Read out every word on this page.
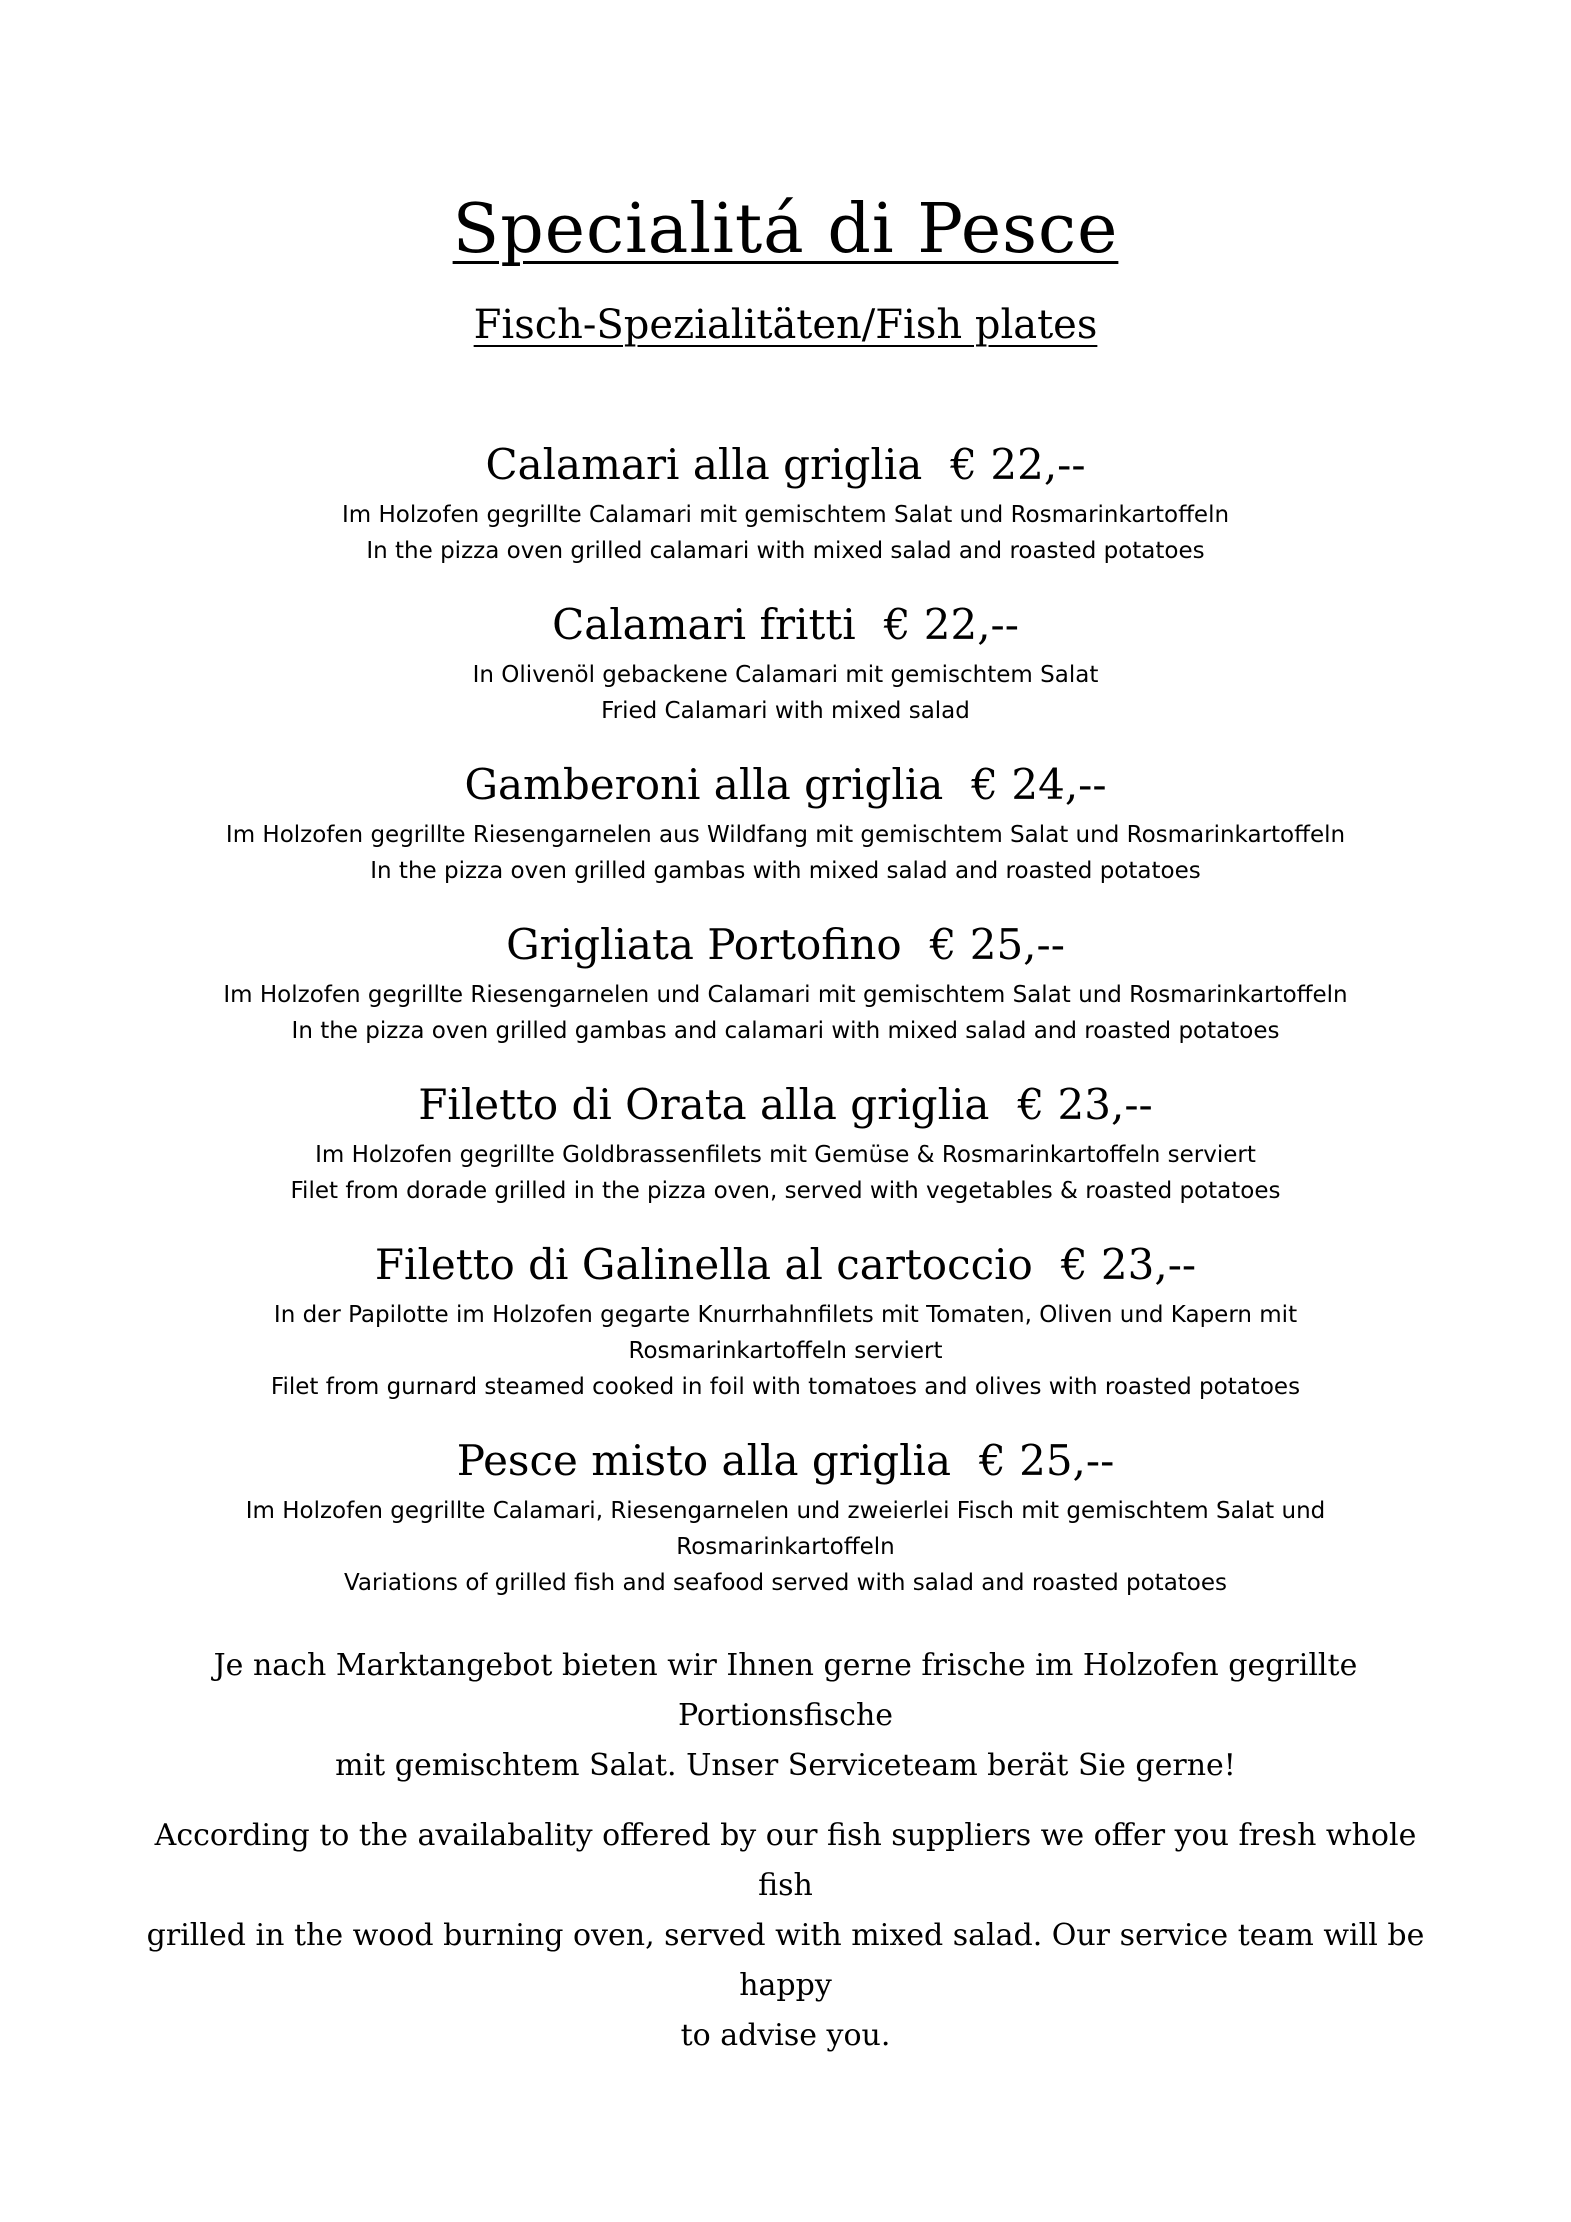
Specialitá di Pesce
Fisch-Spezialitäten/Fish plates
Calamari alla griglia € 22,--

Im Holzofen gegrillte Calamari mit gemischtem Salat und Rosmarinkartoffeln

In the pizza oven grilled calamari with mixed salad and roasted potatoes

Calamari fritti € 22,--

In Olivenöl gebackene Calamari mit gemischtem Salat

Fried Calamari with mixed salad

Gamberoni alla griglia € 24,--

Im Holzofen gegrillte Riesengarnelen aus Wildfang mit gemischtem Salat und Rosmarinkartoffeln

In the pizza oven grilled gambas with mixed salad and roasted potatoes

Grigliata Portofino € 25,--

Im Holzofen gegrillte Riesengarnelen und Calamari mit gemischtem Salat und Rosmarinkartoffeln

In the pizza oven grilled gambas and calamari with mixed salad and roasted potatoes

Filetto di Orata alla griglia € 23,--

Im Holzofen gegrillte Goldbrassenfilets mit Gemüse & Rosmarinkartoffeln serviert

Filet from dorade grilled in the pizza oven, served with vegetables & roasted potatoes

Filetto di Galinella al cartoccio € 23,--

In der Papilotte im Holzofen gegarte Knurrhahnfilets mit Tomaten, Oliven und Kapern mit

Rosmarinkartoffeln serviert

Filet from gurnard steamed cooked in foil with tomatoes and olives with roasted potatoes

Pesce misto alla griglia € 25,--

Im Holzofen gegrillte Calamari, Riesengarnelen und zweierlei Fisch mit gemischtem Salat und

Rosmarinkartoffeln

Variations of grilled fish and seafood served with salad and roasted potatoes

Je nach Marktangebot bieten wir Ihnen gerne frische im Holzofen gegrillte Portionsfische
mit gemischtem Salat. Unser Serviceteam berät Sie gerne!
According to the availabality offered by our fish suppliers we offer you fresh whole fish
grilled in the wood burning oven, served with mixed salad. Our service team will be happy
to advise you.
